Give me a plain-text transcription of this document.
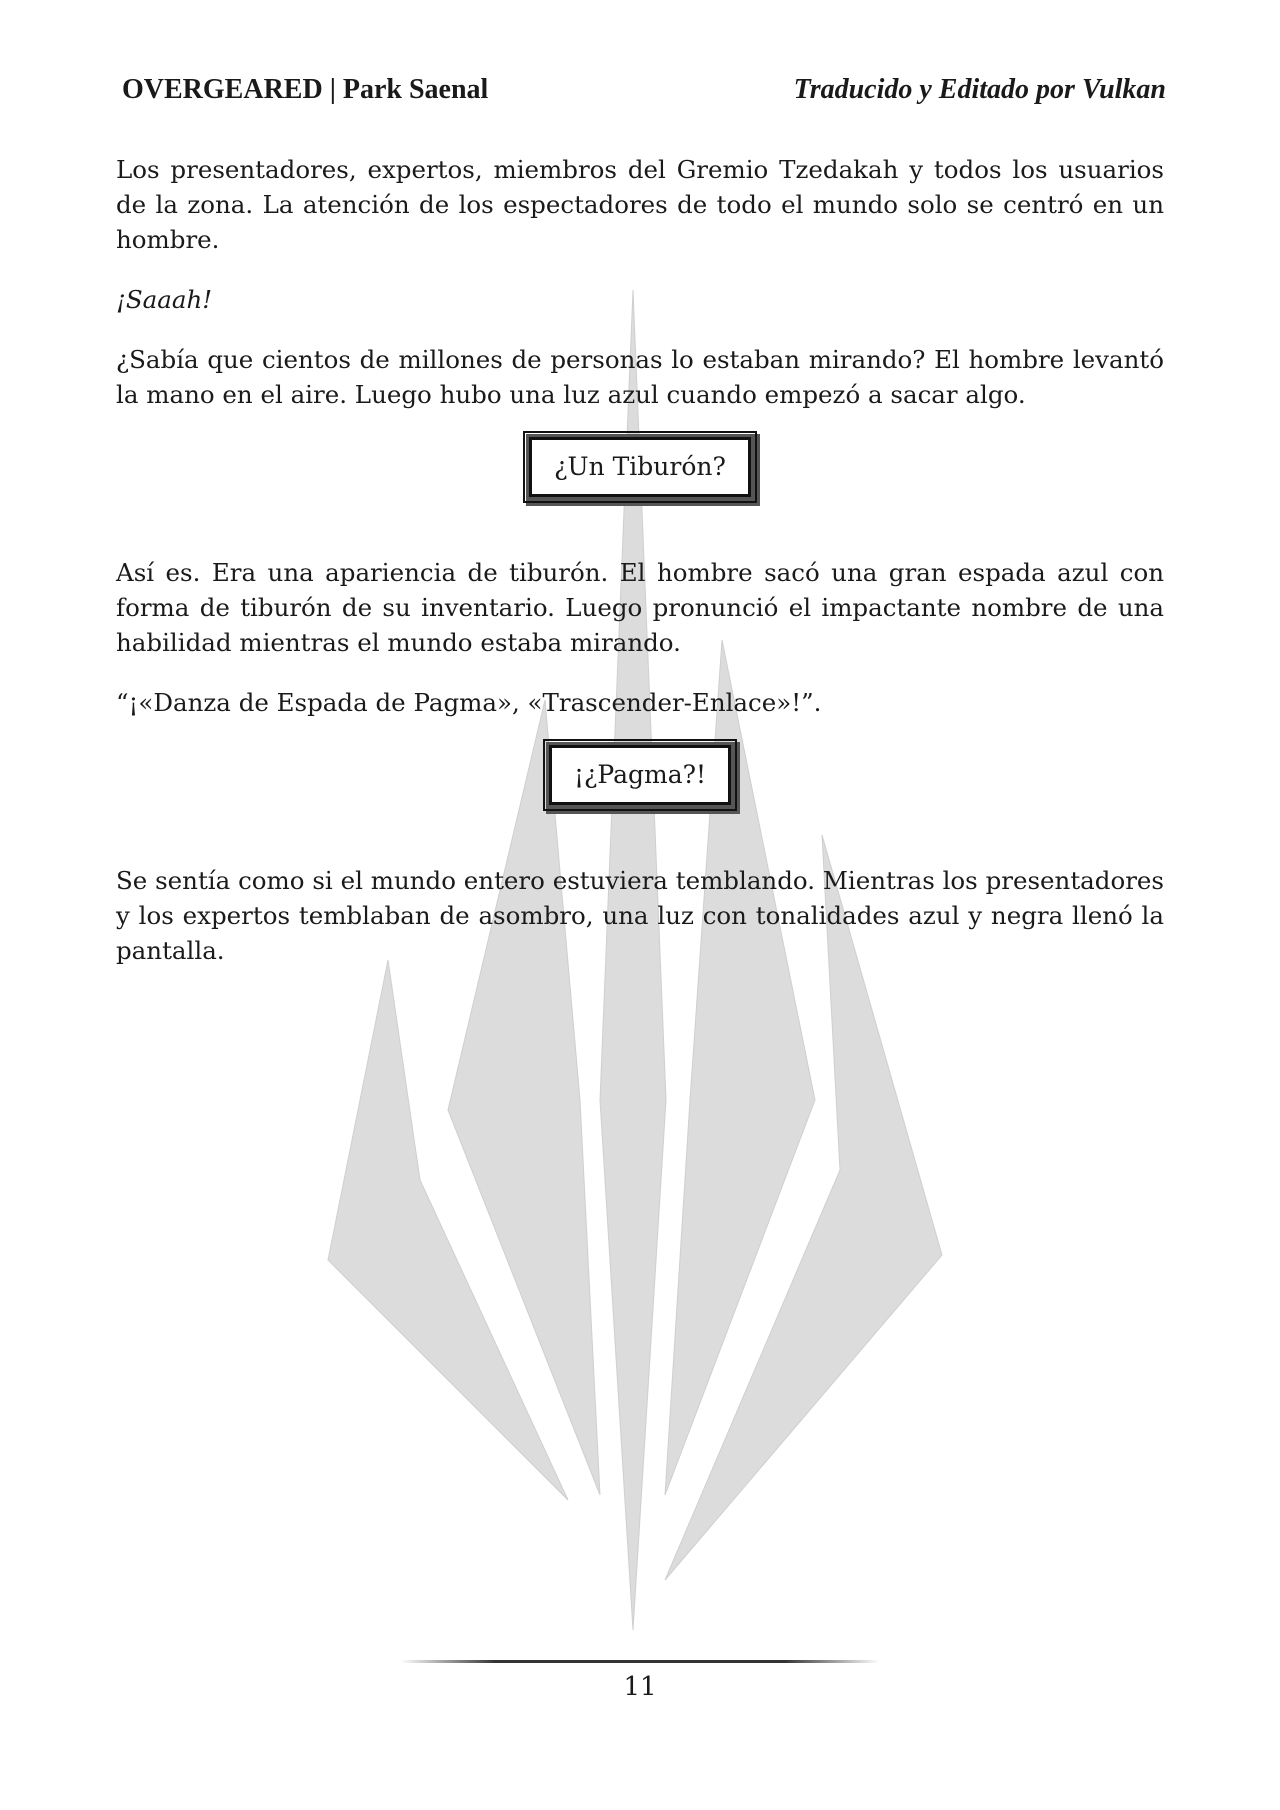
OVERGEARED | Park Saenal	Traducido y Editado por Vulkan

Los presentadores, expertos, miembros del Gremio Tzedakah y todos los usuarios de la zona. La atención de los espectadores de todo el mundo solo se centró en un hombre.

¡Saaah!

¿Sabía que cientos de millones de personas lo estaban mirando? El hombre levantó la mano en el aire. Luego hubo una luz azul cuando empezó a sacar algo.

¿Un Tiburón?

Así es. Era una apariencia de tiburón. El hombre sacó una gran espada azul con forma de tiburón de su inventario. Luego pronunció el impactante nombre de una habilidad mientras el mundo estaba mirando.

“¡«Danza de Espada de Pagma», «Trascender-Enlace»!”.

¡¿Pagma?!

Se sentía como si el mundo entero estuviera temblando. Mientras los presentadores y los expertos temblaban de asombro, una luz con tonalidades azul y negra llenó la pantalla.

11
